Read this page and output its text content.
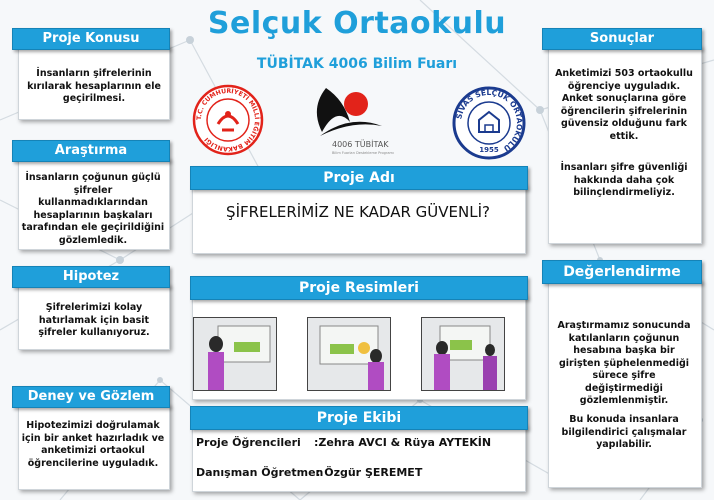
Selçuk Ortaokulu
TÜBİTAK 4006 Bilim Fuarı
T.C. CUMHURİYETİ MİLLİ EĞİTİM BAKANLIĞI
4006 TÜBİTAK
Bilim Fuarları Destekleme Programı
SİVAS SELÇUK ORTAOKULU
1955
Proje Konusu
İnsanların şifrelerinin kırılarak hesaplarının ele geçirilmesi.
Araştırma
İnsanların çoğunun güçlü şifreler kullanmadıklarından hesaplarının başkaları tarafından ele geçirildiğini gözlemledik.
Hipotez
Şifrelerimizi kolay hatırlamak için basit şifreler kullanıyoruz.
Deney ve Gözlem
Hipotezimizi doğrulamak için bir anket hazırladık ve anketimizi ortaokul öğrencilerine uyguladık.
Proje Adı
ŞİFRELERİMİZ NE KADAR GÜVENLİ?
Proje Resimleri
Proje Ekibi
Proje Öğrencileri :Zehra AVCI & Rüya AYTEKİN
Danışman Öğretmen
: Özgür ŞEREMET
Sonuçlar
Anketimizi 503 ortaokullu öğrenciye uyguladık. Anket sonuçlarına göre öğrencilerin şifrelerinin güvensiz olduğunu fark ettik.
İnsanları şifre güvenliği hakkında daha çok bilinçlendirmeliyiz.
Değerlendirme
Araştırmamız sonucunda katılanların çoğunun hesabına başka bir girişten şüphelenmediği sürece şifre değiştirmediği gözlemlenmiştir.
Bu konuda insanlara bilgilendirici çalışmalar yapılabilir.
